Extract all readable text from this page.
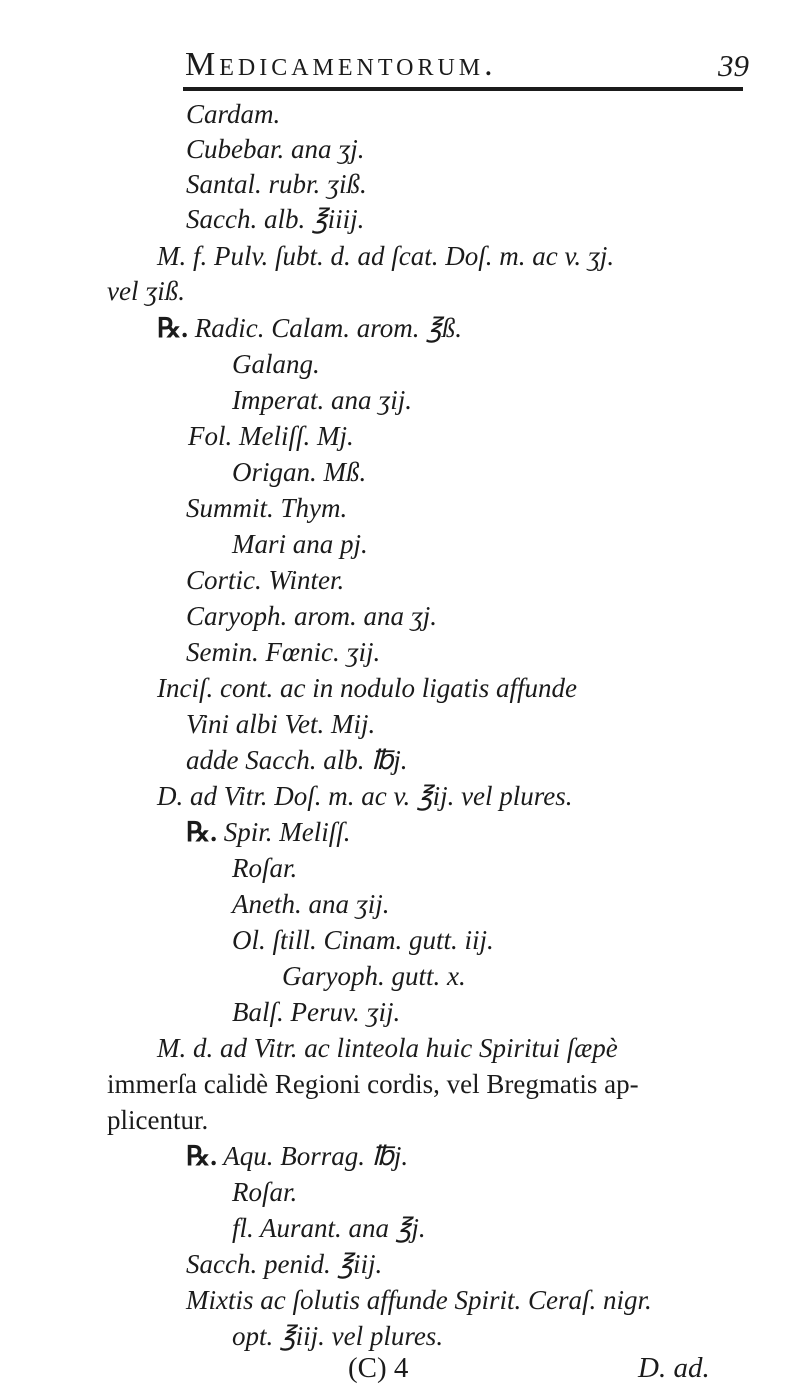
Medicamentorum.	39
Cardam.
Cubebar. ana ʒj.
Santal. rubr. ʒiß.
Sacch. alb. ℥iiij.
M. f. Pulv. ſubt. d. ad ſcat. Doſ. m. ac v. ʒj.
vel ʒiß.
℞. Radic. Calam. arom. ℥ß.
Galang.
Imperat. ana ʒij.
Fol. Meliſſ. Mj.
Origan. Mß.
Summit. Thym.
Mari ana pj.
Cortic. Winter.
Caryoph. arom. ana ʒj.
Semin. Fœnic. ʒij.
Inciſ. cont. ac in nodulo ligatis affunde
Vini albi Vet. Mij.
adde Sacch. alb. ℔j.
D. ad Vitr. Doſ. m. ac v. ℥ij. vel plures.
℞. Spir. Meliſſ.
Roſar.
Aneth. ana ʒij.
Ol. ſtill. Cinam. gutt. iij.
Garyoph. gutt. x.
Balſ. Peruv. ʒij.
M. d. ad Vitr. ac linteola huic Spiritui ſæpè
immerſa calidè Regioni cordis, vel Bregmatis ap-
plicentur.
℞. Aqu. Borrag. ℔j.
Roſar.
fl. Aurant. ana ℥j.
Sacch. penid. ℥iij.
Mixtis ac ſolutis affunde Spirit. Ceraſ. nigr.
opt. ℥iij. vel plures.
(C) 4	D. ad.
